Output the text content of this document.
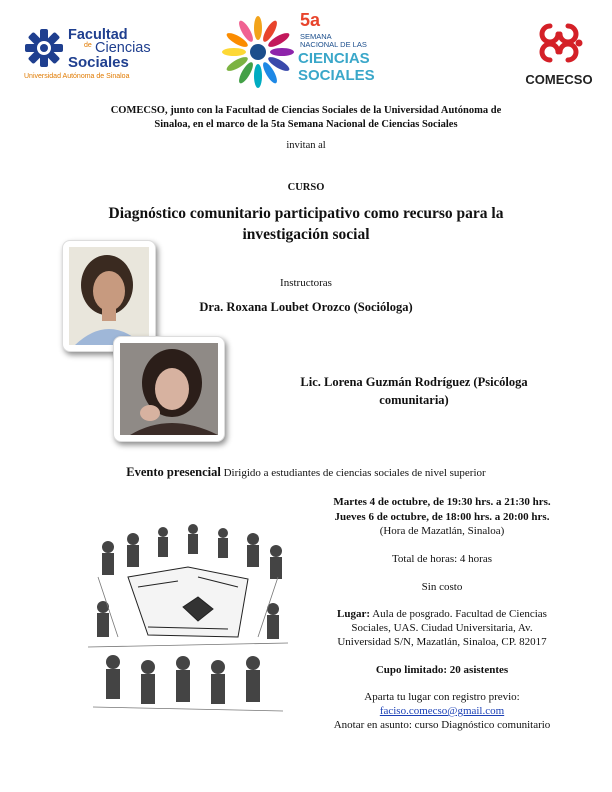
Facultad
de Ciencias
Sociales
Universidad Autónoma de Sinaloa
5a
SEMANA
NACIONAL DE LAS
CIENCIAS
SOCIALES	COMECSO
COMECSO, junto con la Facultad de Ciencias Sociales de la Universidad Autónoma de
Sinaloa, en el marco de la 5ta Semana Nacional de Ciencias Sociales
invitan al
CURSO
Diagnóstico comunitario participativo como recurso para la
investigación social
Instructoras
Dra. Roxana Loubet Orozco (Socióloga)
Lic. Lorena Guzmán Rodríguez (Psicóloga
comunitaria)
Evento presencial Dirigido a estudiantes de ciencias sociales de nivel superior
Martes 4 de octubre, de 19:30 hrs. a 21:30 hrs.
Jueves 6 de octubre, de 18:00 hrs. a 20:00 hrs.
(Hora de Mazatlán, Sinaloa)
Total de horas: 4 horas
Sin costo
Lugar: Aula de posgrado. Facultad de Ciencias
Sociales, UAS. Ciudad Universitaria, Av.
Universidad S/N, Mazatlán, Sinaloa, CP. 82017
Cupo limitado: 20 asistentes
Aparta tu lugar con registro previo:
faciso.comecso@gmail.com
Anotar en asunto: curso Diagnóstico comunitario
